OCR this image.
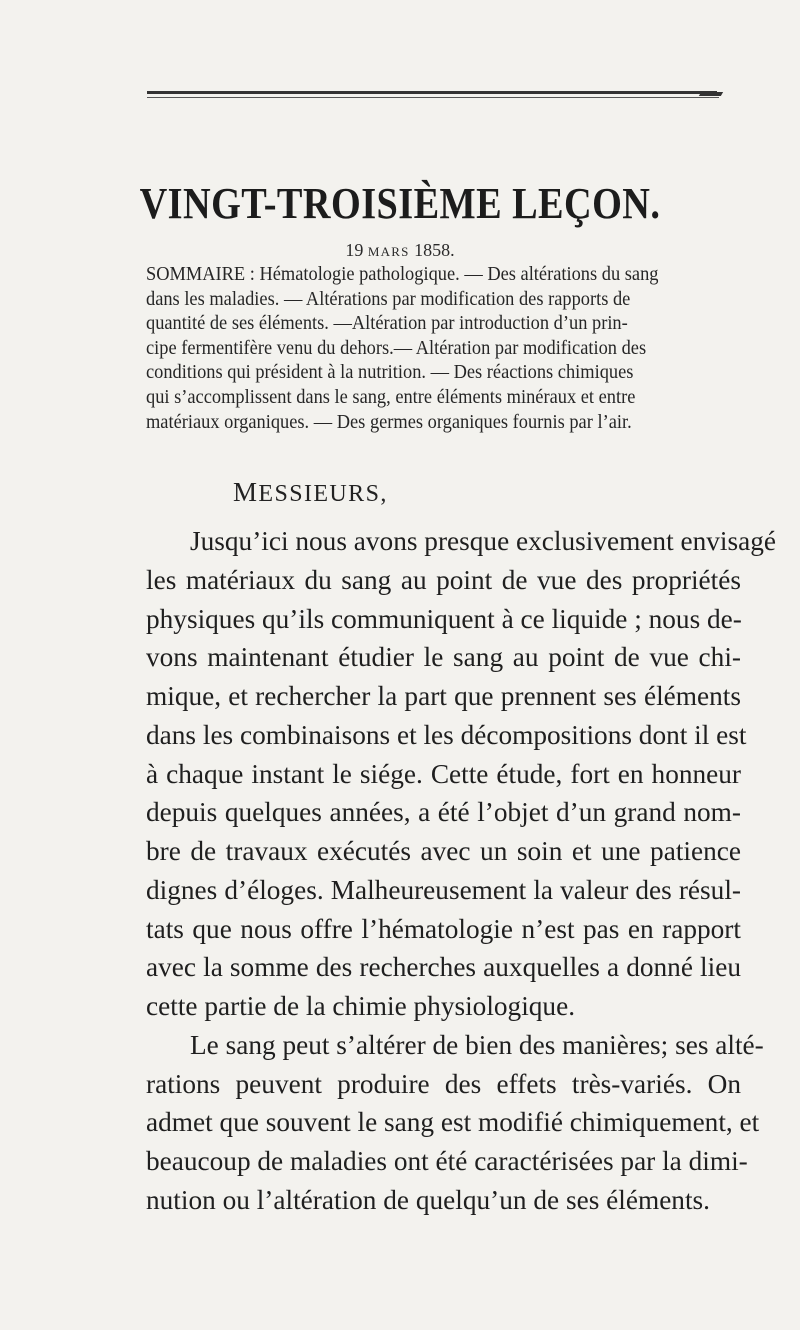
VINGT-TROISIÈME LEÇON.
19 MARS 1858.
SOMMAIRE : Hématologie pathologique. — Des altérations du sang
dans les maladies. — Altérations par modification des rapports de
quantité de ses éléments. —Altération par introduction d’un prin-
cipe fermentifère venu du dehors.— Altération par modification des
conditions qui président à la nutrition. — Des réactions chimiques
qui s’accomplissent dans le sang, entre éléments minéraux et entre
matériaux organiques. — Des germes organiques fournis par l’air.
MESSIEURS,
Jusqu’ici nous avons presque exclusivement envisagé
les matériaux du sang au point de vue des propriétés
physiques qu’ils communiquent à ce liquide ; nous de-
vons maintenant étudier le sang au point de vue chi-
mique, et rechercher la part que prennent ses éléments
dans les combinaisons et les décompositions dont il est
à chaque instant le siége. Cette étude, fort en honneur
depuis quelques années, a été l’objet d’un grand nom-
bre de travaux exécutés avec un soin et une patience
dignes d’éloges. Malheureusement la valeur des résul-
tats que nous offre l’hématologie n’est pas en rapport
avec la somme des recherches auxquelles a donné lieu
cette partie de la chimie physiologique.
Le sang peut s’altérer de bien des manières; ses alté-
rations peuvent produire des effets très-variés. On
admet que souvent le sang est modifié chimiquement, et
beaucoup de maladies ont été caractérisées par la dimi-
nution ou l’altération de quelqu’un de ses éléments.
